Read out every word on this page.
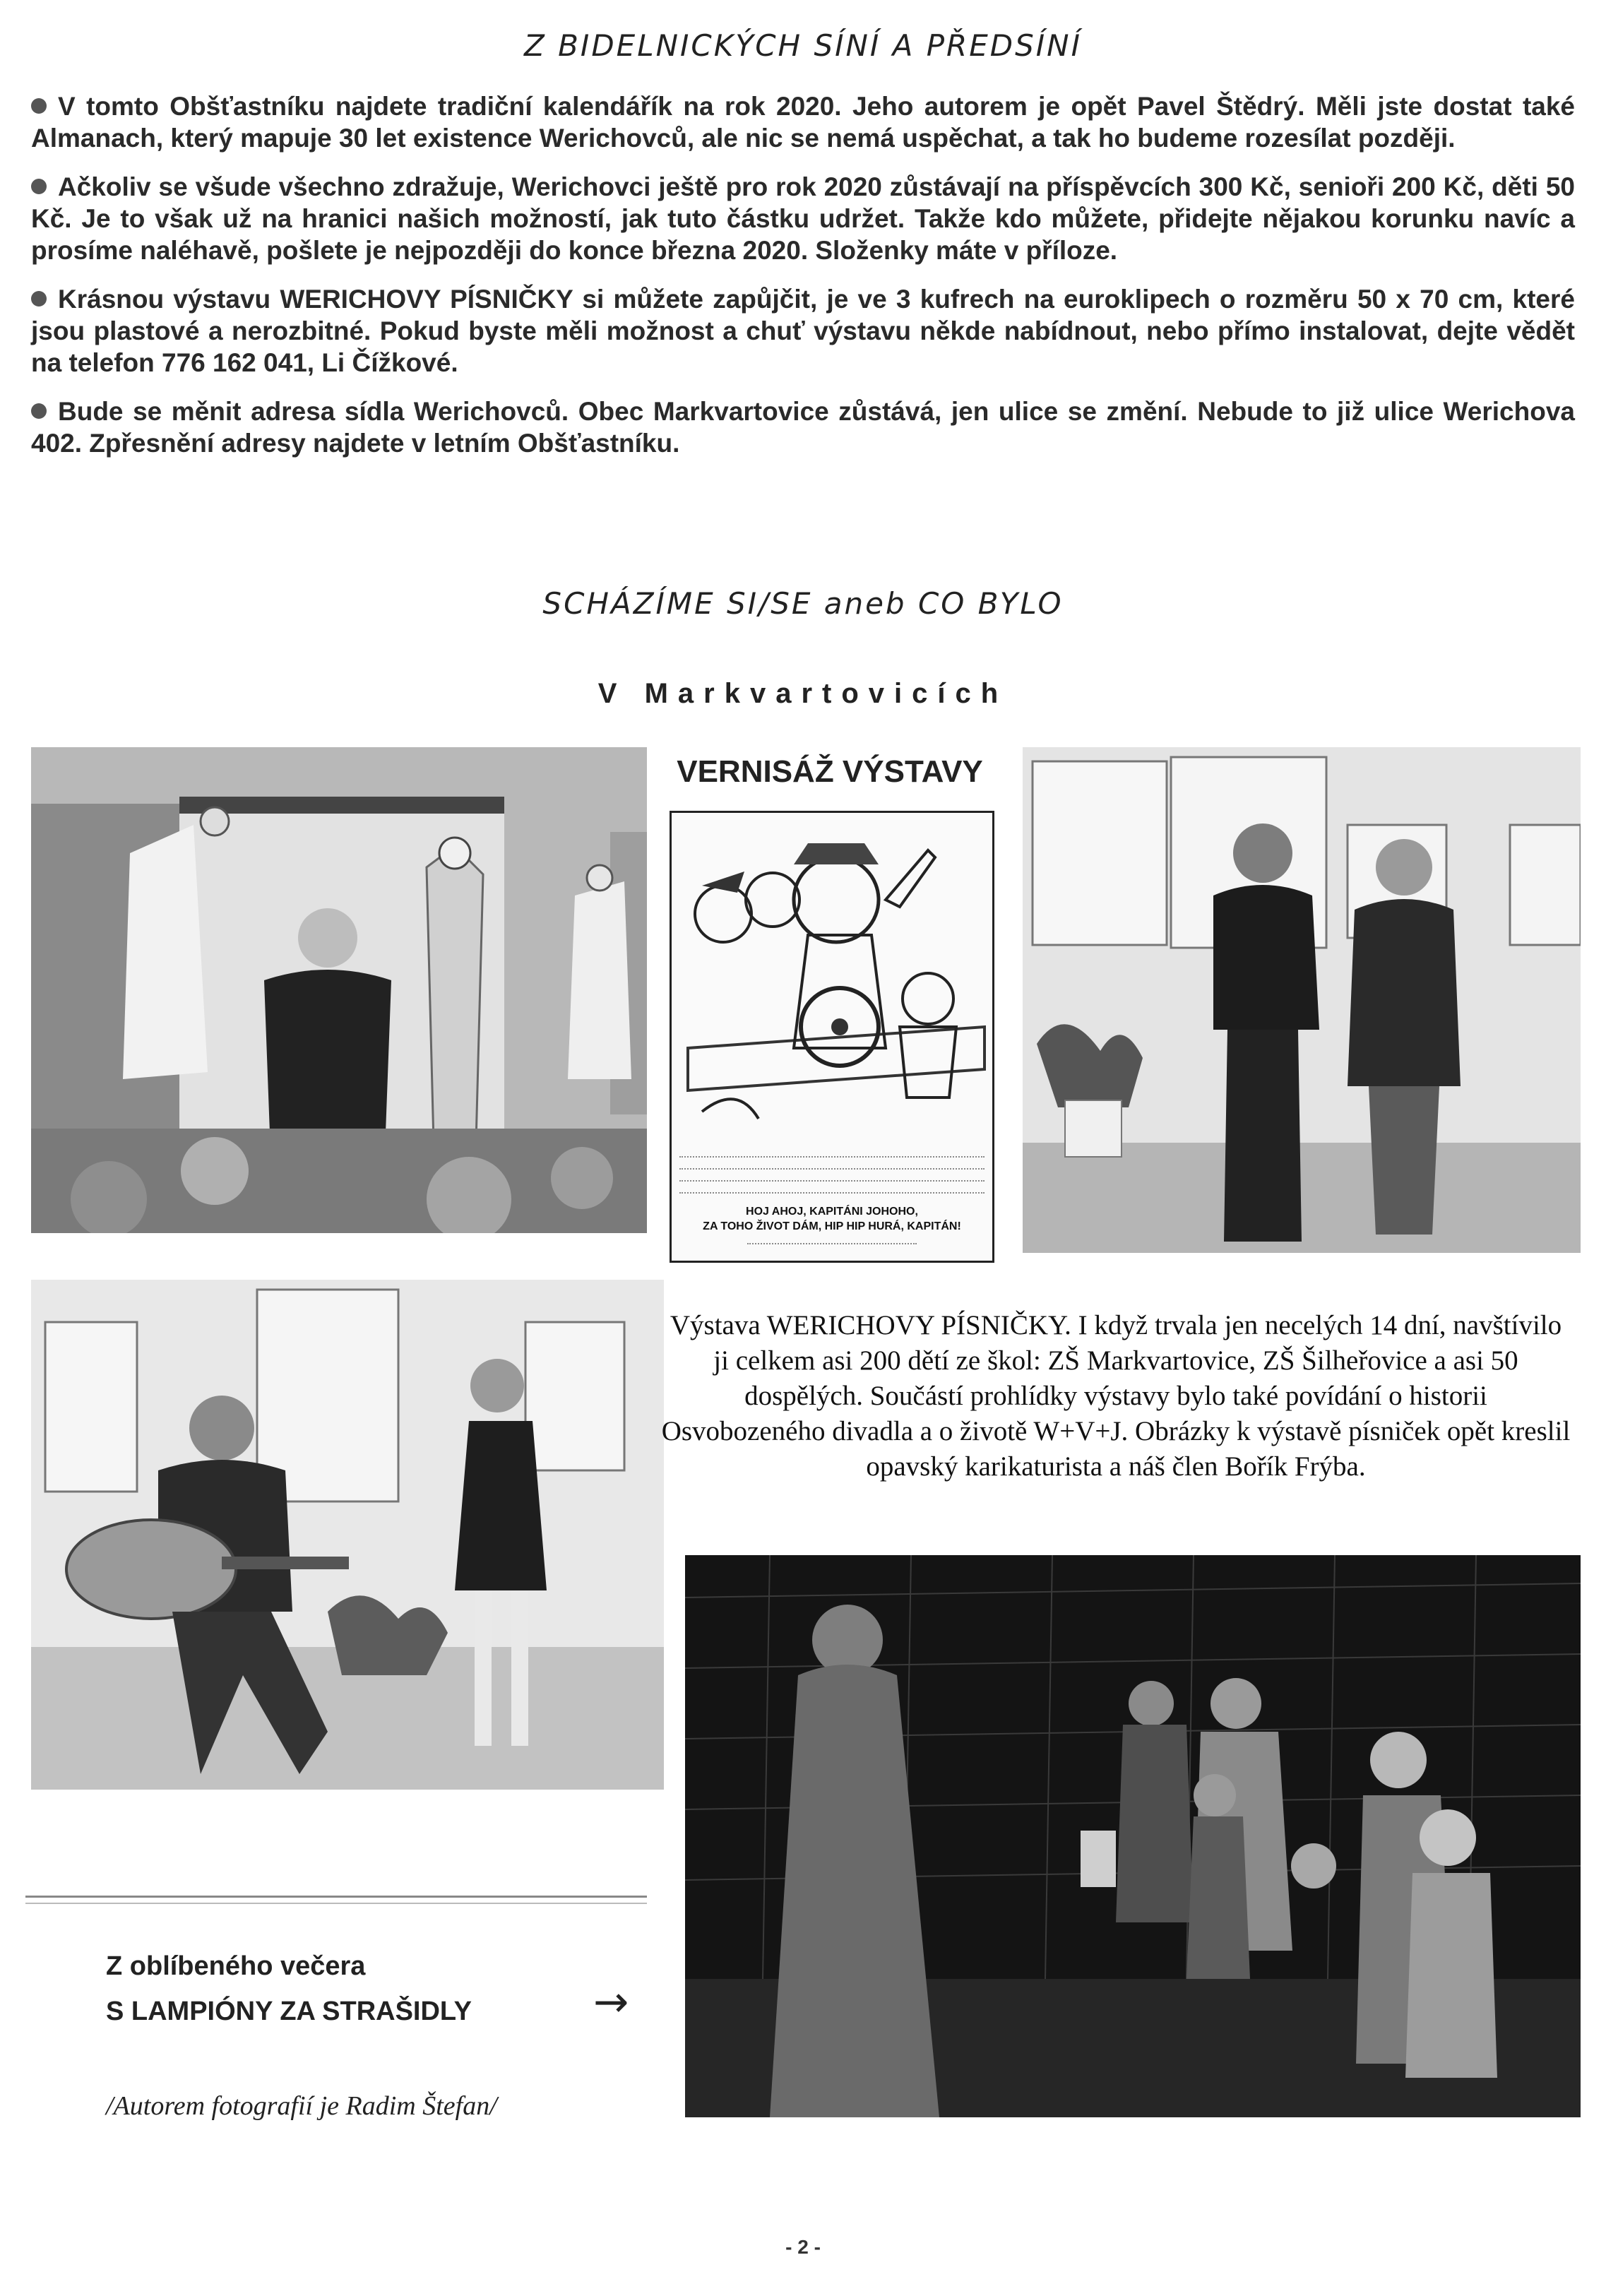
Z BIDELNICKÝCH SÍNÍ A PŘEDSÍNÍ

V tomto Obšťastníku najdete tradiční kalendářík na rok 2020. Jeho autorem je opět Pavel Štědrý. Měli jste dostat také Almanach, který mapuje 30 let existence Werichovců, ale nic se nemá uspěchat, a tak ho budeme rozesílat později.

Ačkoliv se všude všechno zdražuje, Werichovci ještě pro rok 2020 zůstávají na příspěvcích 300 Kč, senioři 200 Kč, děti 50 Kč. Je to však už na hranici našich možností, jak tuto částku udržet. Takže kdo můžete, přidejte nějakou korunku navíc a prosíme naléhavě, pošlete je nejpozději do konce března 2020. Složenky máte v příloze.

Krásnou výstavu WERICHOVY PÍSNIČKY si můžete zapůjčit, je ve 3 kufrech na euroklipech o rozměru 50 x 70 cm, které jsou plastové a nerozbitné. Pokud byste měli možnost a chuť výstavu někde nabídnout, nebo přímo instalovat, dejte vědět na telefon 776 162 041, Li Čížkové.

Bude se měnit adresa sídla Werichovců. Obec Markvartovice zůstává, jen ulice se změní. Nebude to již ulice Werichova 402. Zpřesnění adresy najdete v letním Obšťastníku.

SCHÁZÍME SI/SE aneb CO BYLO
V Markvartovicích
VERNISÁŽ VÝSTAVY
HOJ AHOJ, KAPITÁNI JOHOHO,
ZA TOHO ŽIVOT DÁM, HIP HIP HURÁ, KAPITÁN!
Výstava WERICHOVY PÍSNIČKY. I když trvala jen necelých 14 dní, navštívilo ji celkem asi 200 dětí ze škol: ZŠ Markvartovice, ZŠ Šilheřovice a asi 50 dospělých. Součástí prohlídky výstavy bylo také povídání o historii Osvobozeného divadla a o životě W+V+J. Obrázky k výstavě písniček opět kreslil opavský karikaturista a náš člen Bořík Frýba.
Z oblíbeného večera
S LAMPIÓNY ZA STRAŠIDLY	→
/Autorem fotografií je Radim Štefan/
- 2 -
